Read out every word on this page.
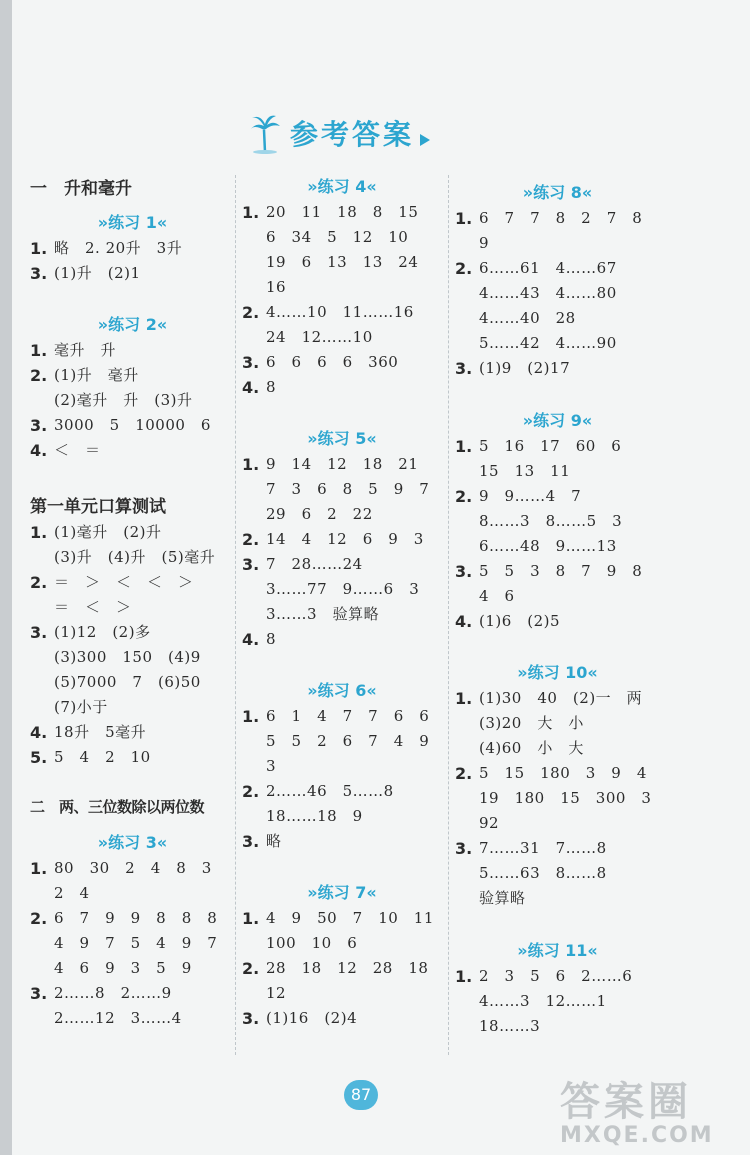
参考答案
一　升和毫升
»练习 1«
1. 略　2. 20升　3升
3. (1)升　(2)1
»练习 2«
1. 毫升　升
2. (1)升　毫升
(2)毫升　升　(3)升
3. 3000　5　10000　6
4. ＜　＝
第一单元口算测试
1. (1)毫升　(2)升
(3)升　(4)升　(5)毫升
2. ＝　＞　＜　＜　＞
＝　＜　＞
3. (1)12　(2)多
(3)300　150　(4)9
(5)7000　7　(6)50
(7)小于
4. 18升　5毫升
5. 5　4　2　10
二　两、三位数除以两位数
»练习 3«
1. 80　30　2　4　8　3
2　4
2. 6　7　9　9　8　8　8
4　9　7　5　4　9　7
4　6　9　3　5　9
3. 2……8　2……9
2……12　3……4
»练习 4«
1. 20　11　18　8　15
6　34　5　12　10
19　6　13　13　24
16
2. 4……10　11……16
24　12……10
3. 6　6　6　6　360
4. 8
»练习 5«
1. 9　14　12　18　21
7　3　6　8　5　9　7
29　6　2　22
2. 14　4　12　6　9　3
3. 7　28……24
3……77　9……6　3
3……3　验算略
4. 8
»练习 6«
1. 6　1　4　7　7　6　6
5　5　2　6　7　4　9
3
2. 2……46　5……8
18……18　9
3. 略
»练习 7«
1. 4　9　50　7　10　11
100　10　6
2. 28　18　12　28　18
12
3. (1)16　(2)4
»练习 8«
1. 6　7　7　8　2　7　8
9
2. 6……61　4……67
4……43　4……80
4……40　28
5……42　4……90
3. (1)9　(2)17
»练习 9«
1. 5　16　17　60　6
15　13　11
2. 9　9……4　7
8……3　8……5　3
6……48　9……13
3. 5　5　3　8　7　9　8
4　6
4. (1)6　(2)5
»练习 10«
1. (1)30　40　(2)一　两
(3)20　大　小
(4)60　小　大
2. 5　15　180　3　9　4
19　180　15　300　3
92
3. 7……31　7……8
5……63　8……8
验算略
»练习 11«
1. 2　3　5　6　2……6
4……3　12……1
18……3
87	答案圈
MXQE.COM
